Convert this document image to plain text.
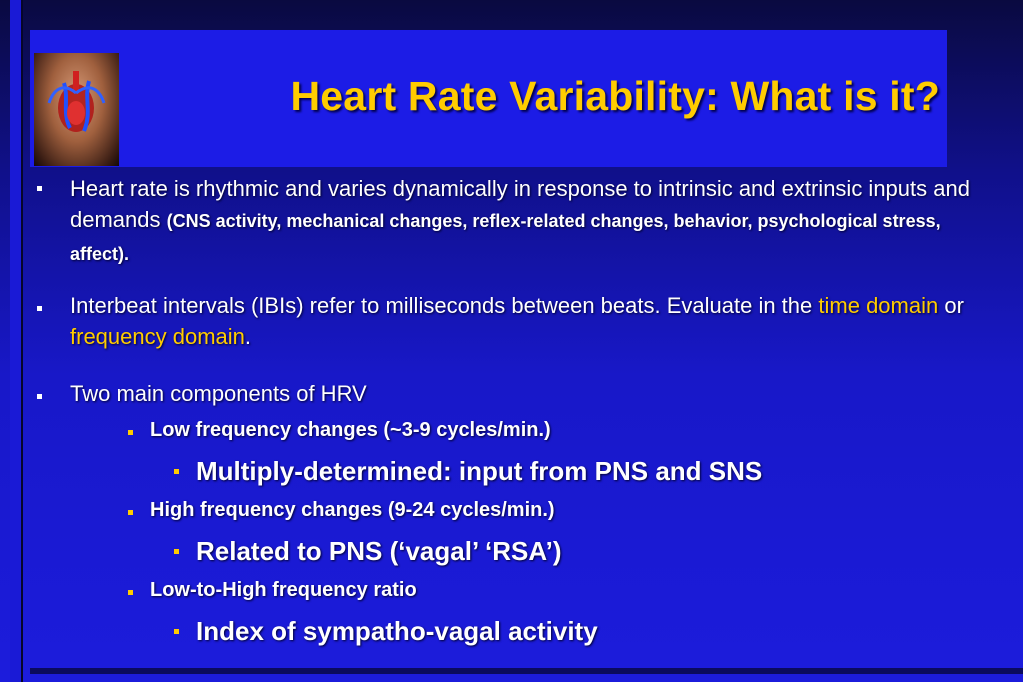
Heart Rate Variability: What is it?
Heart rate is rhythmic and varies dynamically in response to intrinsic and extrinsic inputs and demands (CNS activity, mechanical changes, reflex-related changes, behavior, psychological stress, affect).
Interbeat intervals (IBIs) refer to milliseconds between beats. Evaluate in the time domain or frequency domain.
Two main components of HRV
Low frequency changes (~3-9 cycles/min.)
Multiply-determined: input from PNS and SNS
High frequency changes (9-24 cycles/min.)
Related to PNS (‘vagal’ ‘RSA’)
Low-to-High frequency ratio
Index of sympatho-vagal activity
